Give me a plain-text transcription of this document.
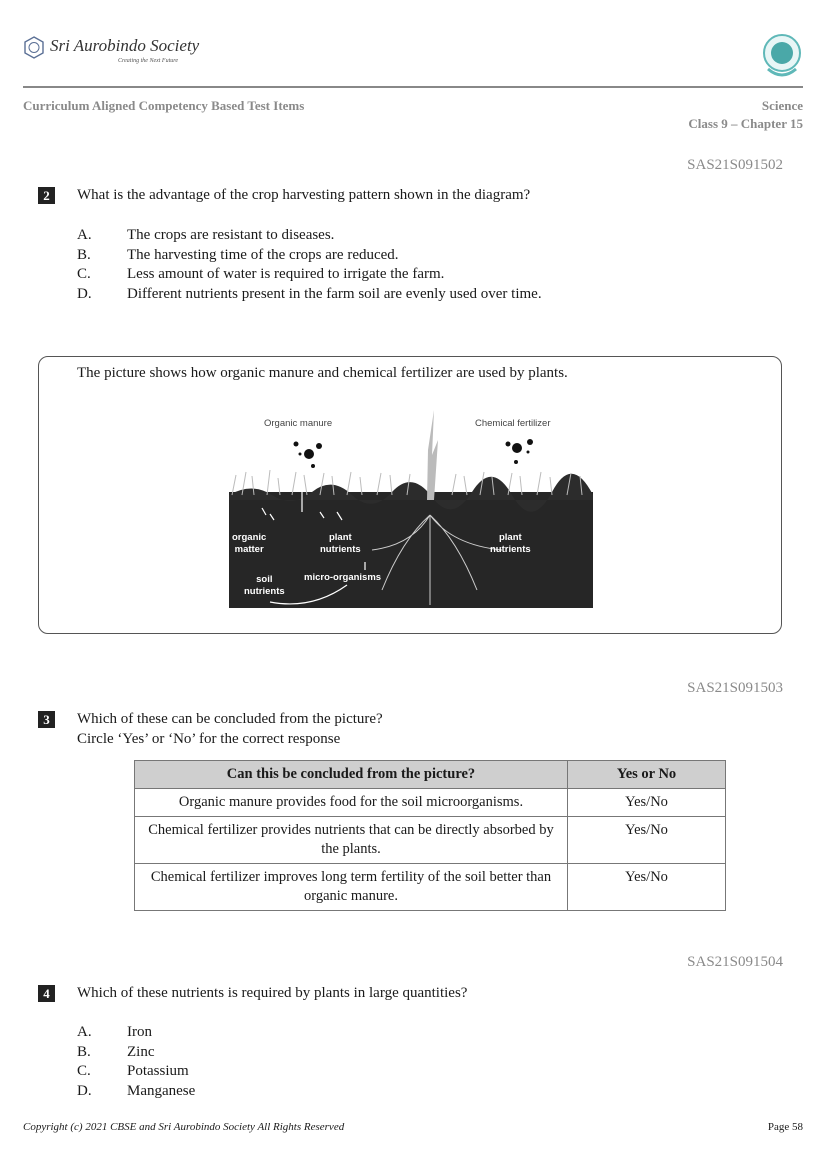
Sri Aurobindo Society
Creating the Next Future
Curriculum Aligned Competency Based Test Items	Science
Class 9 – Chapter 15
SAS21S091502
2	What is the advantage of the crop harvesting pattern shown in the diagram?
A. The crops are resistant to diseases.
B. The harvesting time of the crops are reduced.
C. Less amount of water is required to irrigate the farm.
D. Different nutrients present in the farm soil are evenly used over time.
The picture shows how organic manure and chemical fertilizer are used by plants.
Organic manure	Chemical fertilizer
organic
matter
soil
nutrients
plant
nutrients
micro-organisms
plant
nutrients
SAS21S091503
3	Which of these can be concluded from the picture?
Circle ‘Yes’ or ‘No’ for the correct response
Can this be concluded from the picture?	Yes or No
Organic manure provides food for the soil microorganisms.	Yes/No
Chemical fertilizer provides nutrients that can be directly absorbed by the plants.	Yes/No
Chemical fertilizer improves long term fertility of the soil better than organic manure.	Yes/No
SAS21S091504
4	Which of these nutrients is required by plants in large quantities?
A. Iron
B. Zinc
C. Potassium
D. Manganese
Copyright (c) 2021 CBSE and Sri Aurobindo Society All Rights Reserved	Page 58
